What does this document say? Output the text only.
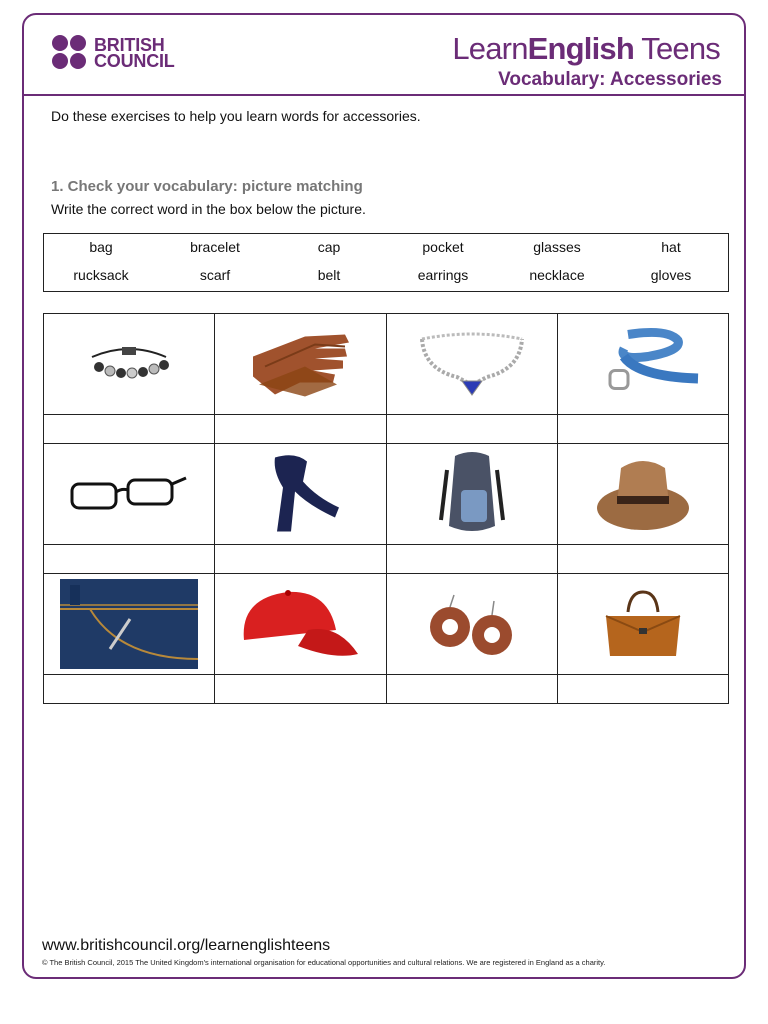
BRITISH
COUNCIL	LearnEnglish Teens
Vocabulary: Accessories
Do these exercises to help you learn words for accessories.
1. Check your vocabulary: picture matching
Write the correct word in the box below the picture.
bag	bracelet	cap	pocket	glasses	hat
rucksack	scarf	belt	earrings	necklace	gloves

www.britishcouncil.org/learnenglishteens
© The British Council, 2015 The United Kingdom's international organisation for educational opportunities and cultural relations. We are registered in England as a charity.
